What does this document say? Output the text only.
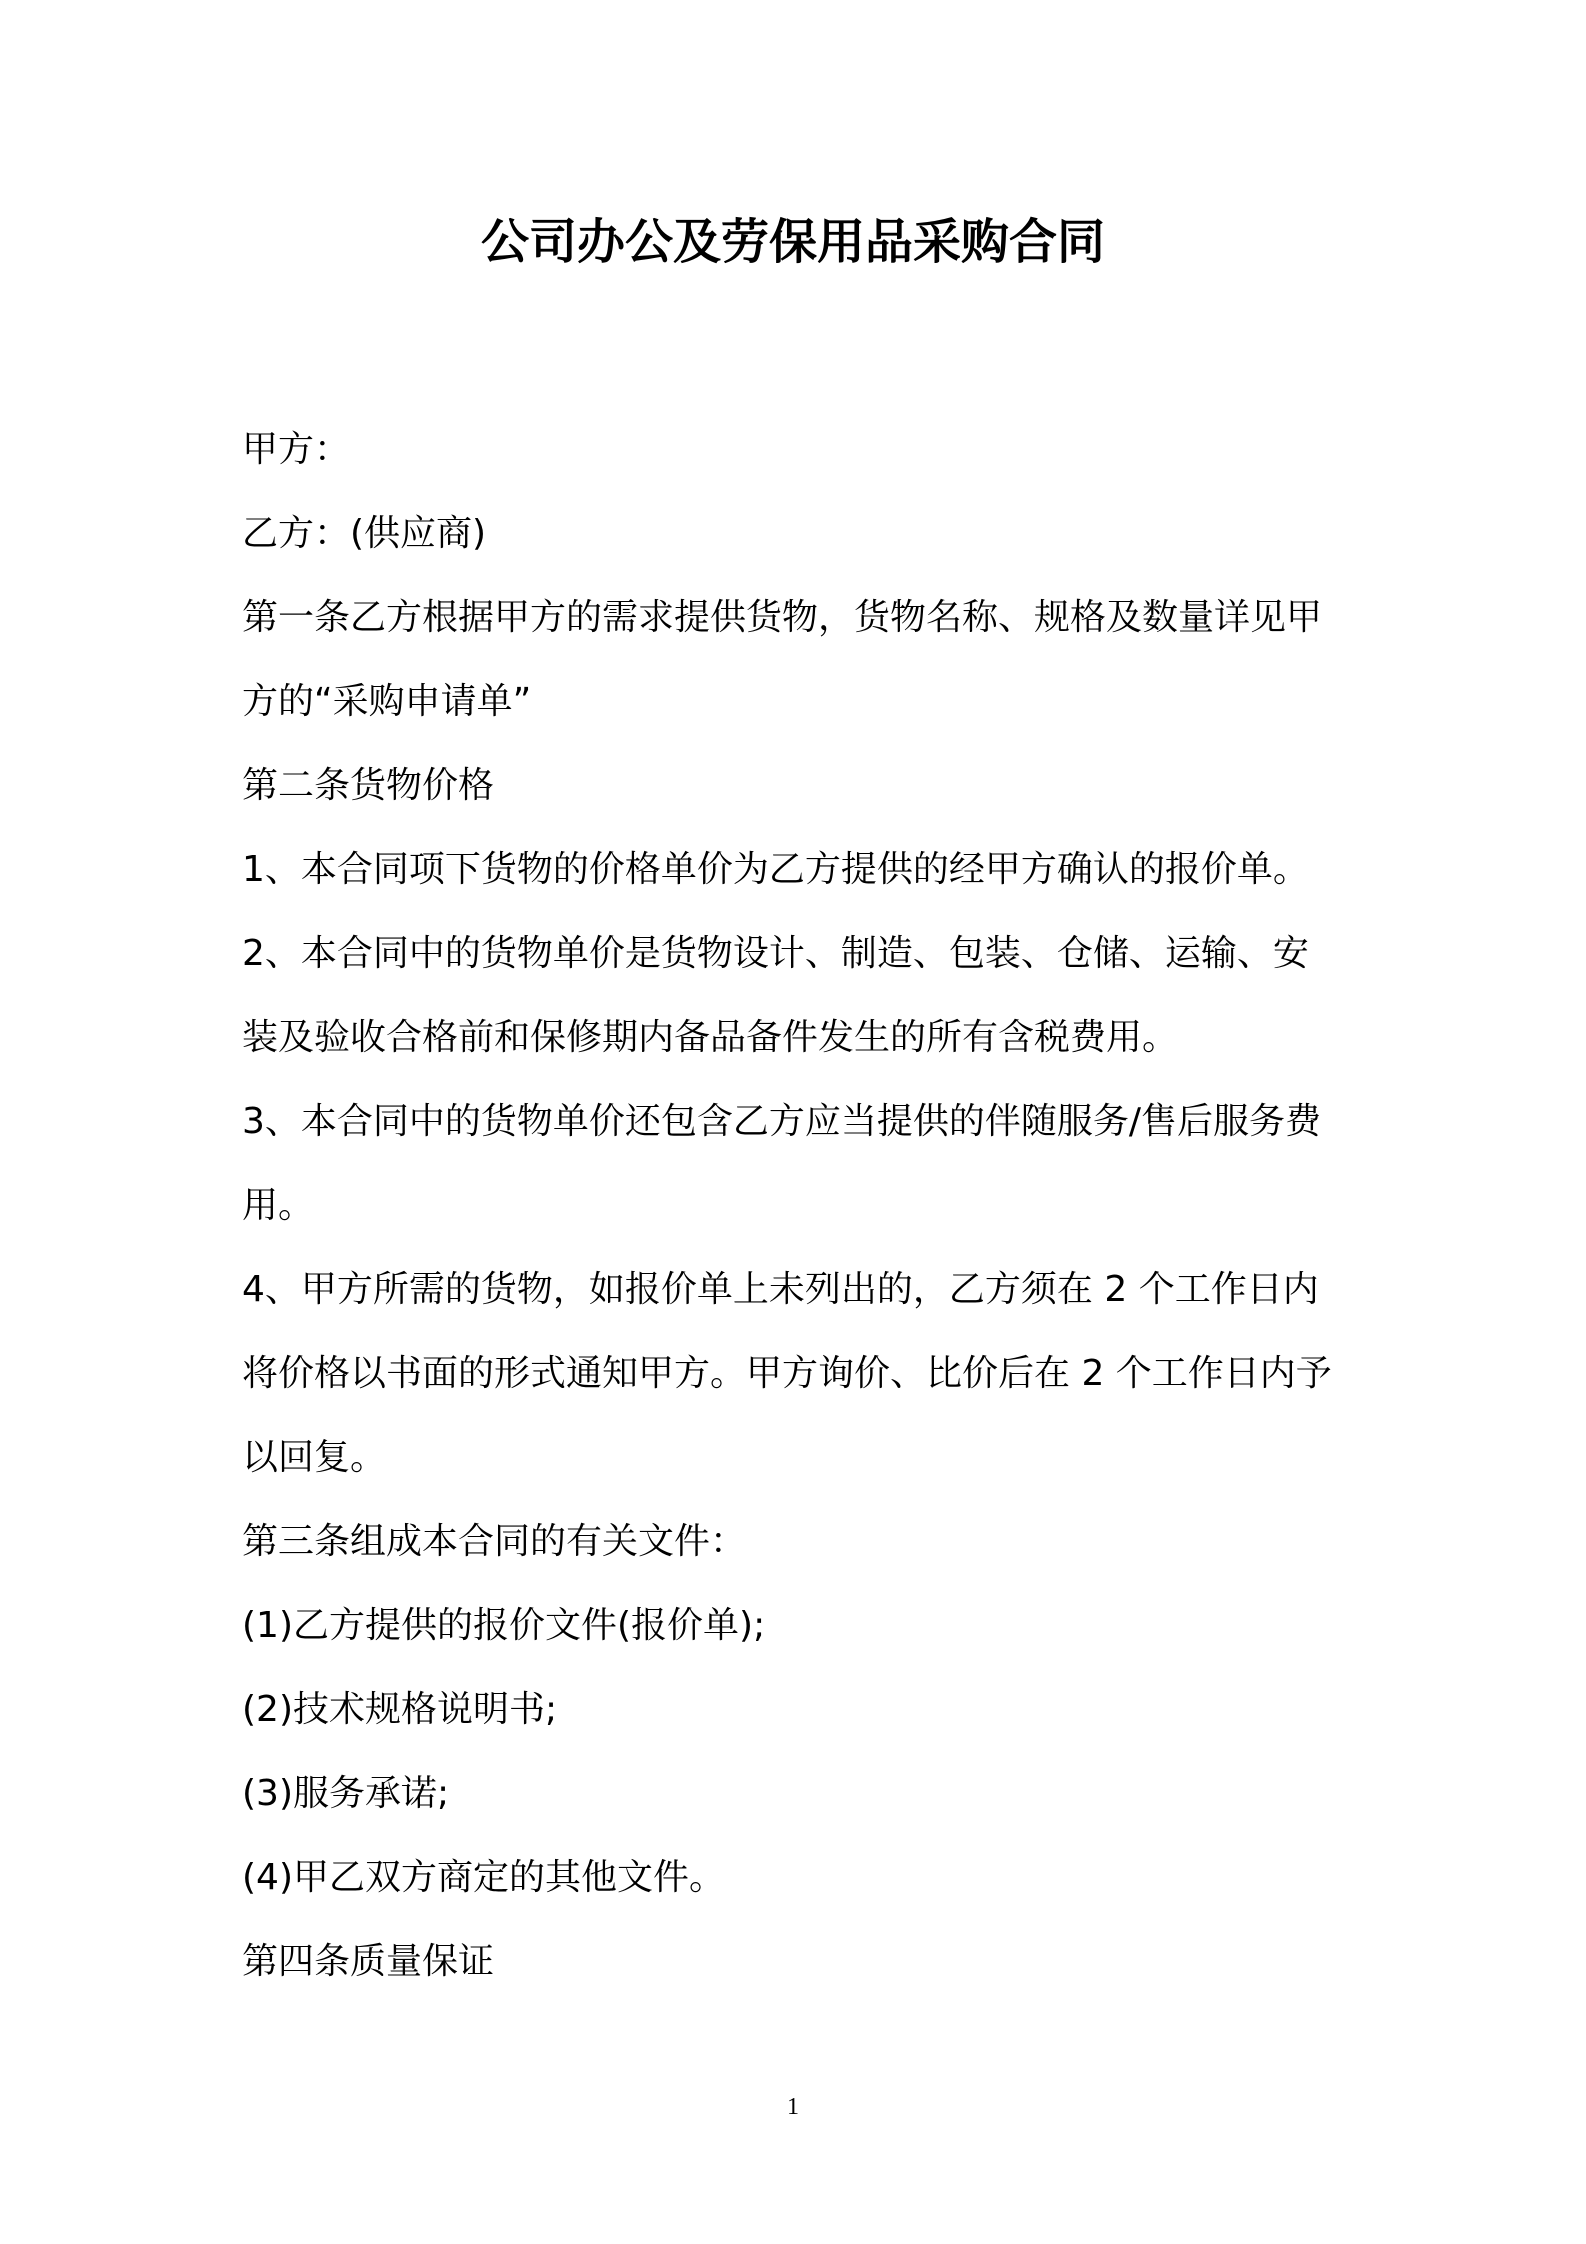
公司办公及劳保用品采购合同

甲方：

乙方：(供应商)

第一条乙方根据甲方的需求提供货物，货物名称、规格及数量详见甲

方的“采购申请单”

第二条货物价格

1、本合同项下货物的价格单价为乙方提供的经甲方确认的报价单。

2、本合同中的货物单价是货物设计、制造、包装、仓储、运输、安

装及验收合格前和保修期内备品备件发生的所有含税费用。

3、本合同中的货物单价还包含乙方应当提供的伴随服务/售后服务费

用。

4、甲方所需的货物，如报价单上未列出的，乙方须在 2 个工作日内

将价格以书面的形式通知甲方。甲方询价、比价后在 2 个工作日内予

以回复。

第三条组成本合同的有关文件：

(1)乙方提供的报价文件(报价单);

(2)技术规格说明书;

(3)服务承诺;

(4)甲乙双方商定的其他文件。

第四条质量保证

1
